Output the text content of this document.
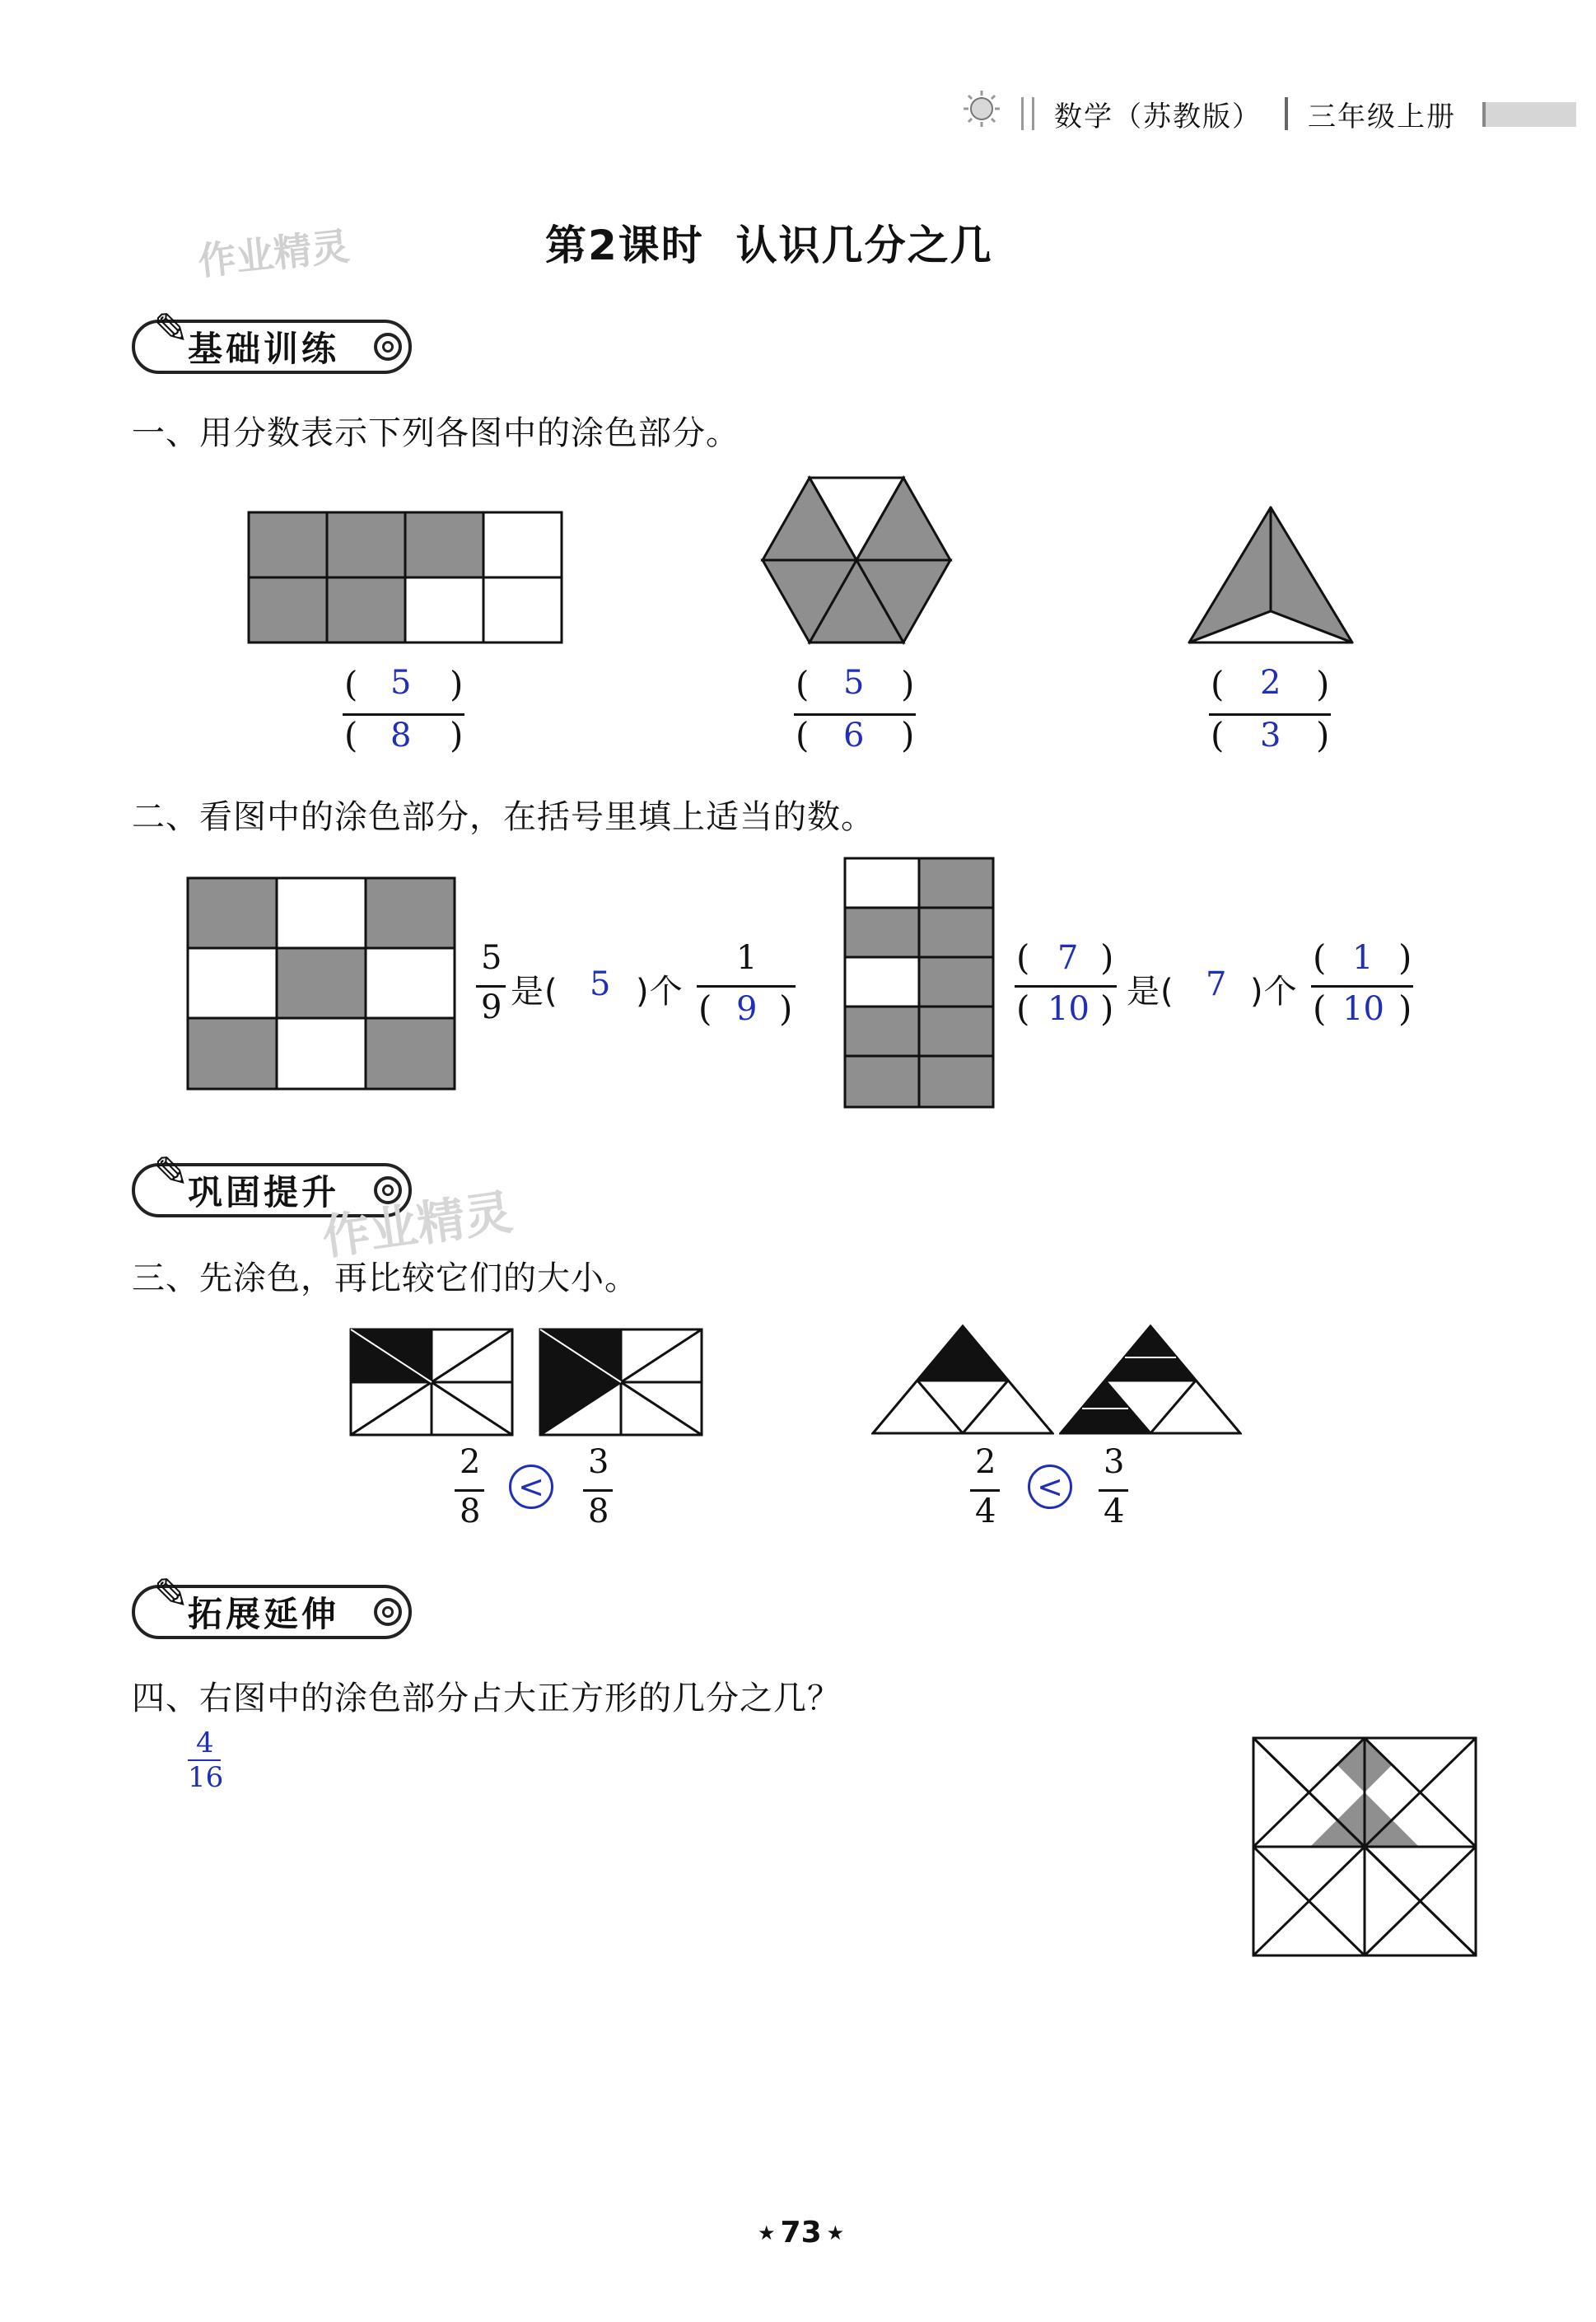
数学（苏教版） 三年级上册
作业精灵	第2课时  认识几分之几
✎
基础训练
一、用分数表示下列各图中的涂色部分。
( 5 )
( 8 )
( 5 )
( 6 )
( 2 )
( 3 )
二、看图中的涂色部分，在括号里填上适当的数。
5
9 是( 5 )个
1
( 9 )
( 7 )
( 10 ) 是( 7 )个
( 1 )
( 10 )
✎
巩固提升
作业精灵
三、先涂色，再比较它们的大小。
2
8
<
3
8
2
4
<
3
4
✎
拓展延伸
四、右图中的涂色部分占大正方形的几分之几？
4
16
★ 73 ★
